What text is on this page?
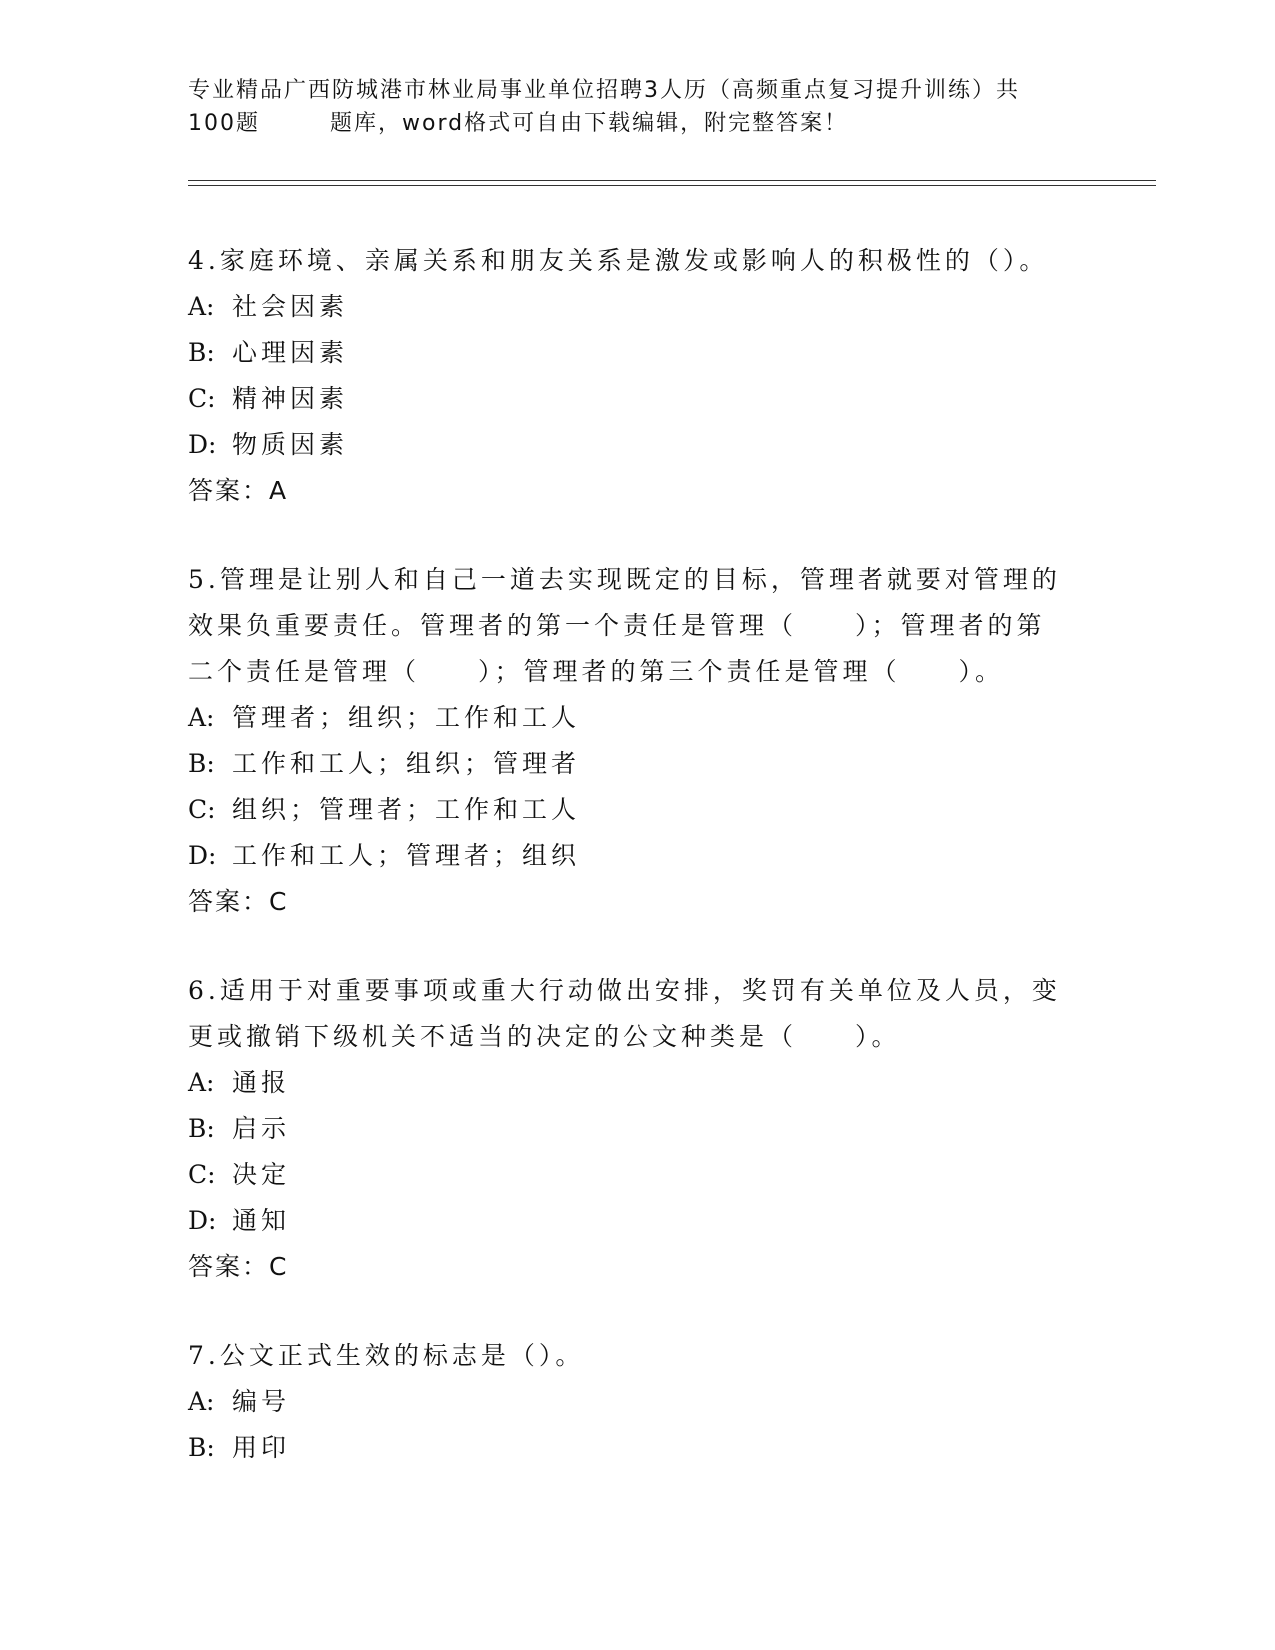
专业精品广西防城港市林业局事业单位招聘3人历（高频重点复习提升训练）共
100题	题库，word格式可自由下载编辑，附完整答案！
4.家庭环境、亲属关系和朋友关系是激发或影响人的积极性的（）。
A: 社会因素
B: 心理因素
C: 精神因素
D: 物质因素
答案：A
5.管理是让别人和自己一道去实现既定的目标，管理者就要对管理的效果负重要责任。管理者的第一个责任是管理（　　）；管理者的第二个责任是管理（　　）；管理者的第三个责任是管理（　　）。
A: 管理者；组织；工作和工人
B: 工作和工人；组织；管理者
C: 组织；管理者；工作和工人
D: 工作和工人；管理者；组织
答案：C
6.适用于对重要事项或重大行动做出安排，奖罚有关单位及人员，变更或撤销下级机关不适当的决定的公文种类是（　　）。
A: 通报
B: 启示
C: 决定
D: 通知
答案：C
7.公文正式生效的标志是（）。
A: 编号
B: 用印
